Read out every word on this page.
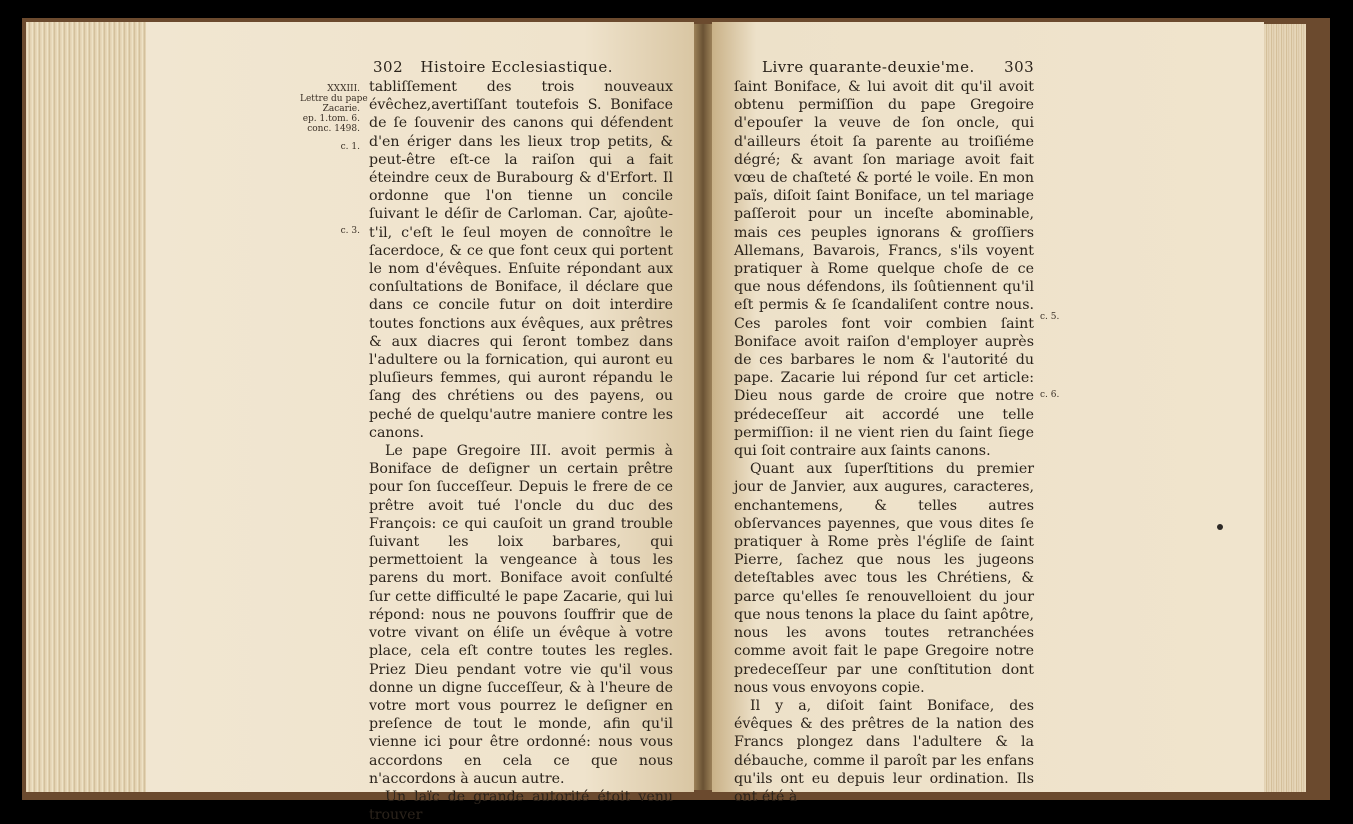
302 Histoire Ecclesiastique.
XXXIII.
Lettre du pape
Zacarie.
ep. 1.tom. 6.
conc. 1498.
c. 1.
c. 3.

tabliſſement des trois nouveaux évêchez,avertiſſant toutefois S. Boniface de ſe ſouvenir des canons qui défendent d'en ériger dans les lieux trop petits, & peut-être eſt-ce la raiſon qui a fait éteindre ceux de Burabourg & d'Erfort. Il ordonne que l'on tienne un concile ſuivant le déſir de Carloman. Car, ajoûte-t'il, c'eſt le ſeul moyen de connoître le ſacerdoce, & ce que font ceux qui portent le nom d'évêques. Enſuite répondant aux conſultations de Boniface, il déclare que dans ce concile futur on doit interdire toutes fonctions aux évêques, aux prêtres & aux diacres qui ſeront tombez dans l'adultere ou la fornication, qui auront eu pluſieurs femmes, qui auront répandu le ſang des chrétiens ou des payens, ou peché de quelqu'autre maniere contre les canons.

Le pape Gregoire III. avoit permis à Boniface de deſigner un certain prêtre pour ſon ſucceſſeur. Depuis le frere de ce prêtre avoit tué l'oncle du duc des François: ce qui cauſoit un grand trouble ſuivant les loix barbares, qui permettoient la vengeance à tous les parens du mort. Boniface avoit conſulté ſur cette difficulté le pape Zacarie, qui lui répond: nous ne pouvons ſouffrir que de votre vivant on éliſe un évêque à votre place, cela eſt contre toutes les regles. Priez Dieu pendant votre vie qu'il vous donne un digne ſucceſſeur, & à l'heure de votre mort vous pourrez le deſigner en preſence de tout le monde, afin qu'il vienne ici pour être ordonné: nous vous accordons en cela ce que nous n'accordons à aucun autre.

Un laïc de grande autorité étoit venu trouver

Livre quarante-deuxie'me. 303
c. 5.
c. 6.

ſaint Boniface, & lui avoit dit qu'il avoit obtenu permiſſion du pape Gregoire d'epouſer la veuve de ſon oncle, qui d'ailleurs étoit ſa parente au troiſiéme dégré; & avant ſon mariage avoit fait vœu de chaſteté & porté le voile. En mon païs, diſoit ſaint Boniface, un tel mariage paſſeroit pour un inceſte abominable, mais ces peuples ignorans & groſſiers Allemans, Bavarois, Francs, s'ils voyent pratiquer à Rome quelque choſe de ce que nous défendons, ils ſoûtiennent qu'il eſt permis & ſe ſcandaliſent contre nous. Ces paroles font voir combien ſaint Boniface avoit raiſon d'employer auprès de ces barbares le nom & l'autorité du pape. Zacarie lui répond ſur cet article: Dieu nous garde de croire que notre prédeceſſeur ait accordé une telle permiſſion: il ne vient rien du ſaint ſiege qui ſoit contraire aux ſaints canons.

Quant aux ſuperſtitions du premier jour de Janvier, aux augures, caracteres, enchantemens, & telles autres obſervances payennes, que vous dites ſe pratiquer à Rome près l'égliſe de ſaint Pierre, ſachez que nous les jugeons deteſtables avec tous les Chrétiens, & parce qu'elles ſe renouvelloient du jour que nous tenons la place du ſaint apôtre, nous les avons toutes retranchées comme avoit fait le pape Gregoire notre predeceſſeur par une conſtitution dont nous vous envoyons copie.

Il y a, diſoit ſaint Boniface, des évêques & des prêtres de la nation des Francs plongez dans l'adultere & la débauche, comme il paroît par les enfans qu'ils ont eu depuis leur ordination. Ils ont été à
